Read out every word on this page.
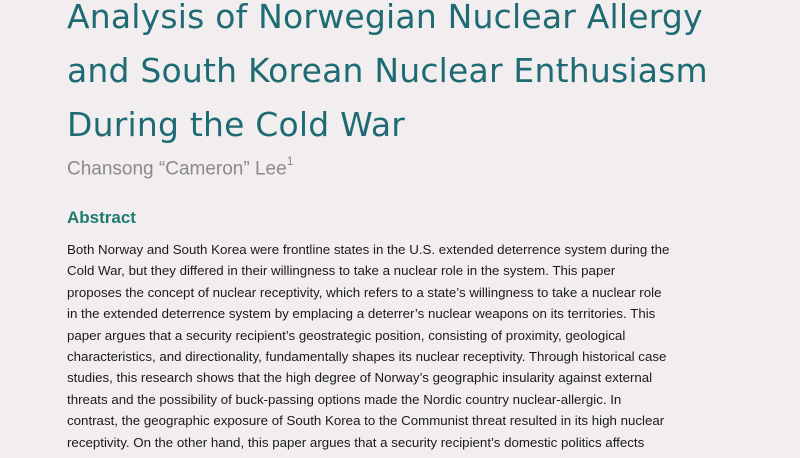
Analysis of Norwegian Nuclear Allergy
and South Korean Nuclear Enthusiasm
During the Cold War
Chansong “Cameron” Lee$^1$
Abstract
Both Norway and South Korea were frontline states in the U.S. extended deterrence system during the
Cold War, but they differed in their willingness to take a nuclear role in the system. This paper
proposes the concept of nuclear receptivity, which refers to a state’s willingness to take a nuclear role
in the extended deterrence system by emplacing a deterrer’s nuclear weapons on its territories. This
paper argues that a security recipient’s geostrategic position, consisting of proximity, geological
characteristics, and directionality, fundamentally shapes its nuclear receptivity. Through historical case
studies, this research shows that the high degree of Norway’s geographic insularity against external
threats and the possibility of buck-passing options made the Nordic country nuclear-allergic. In
contrast, the geographic exposure of South Korea to the Communist threat resulted in its high nuclear
receptivity. On the other hand, this paper argues that a security recipient’s domestic politics affects
